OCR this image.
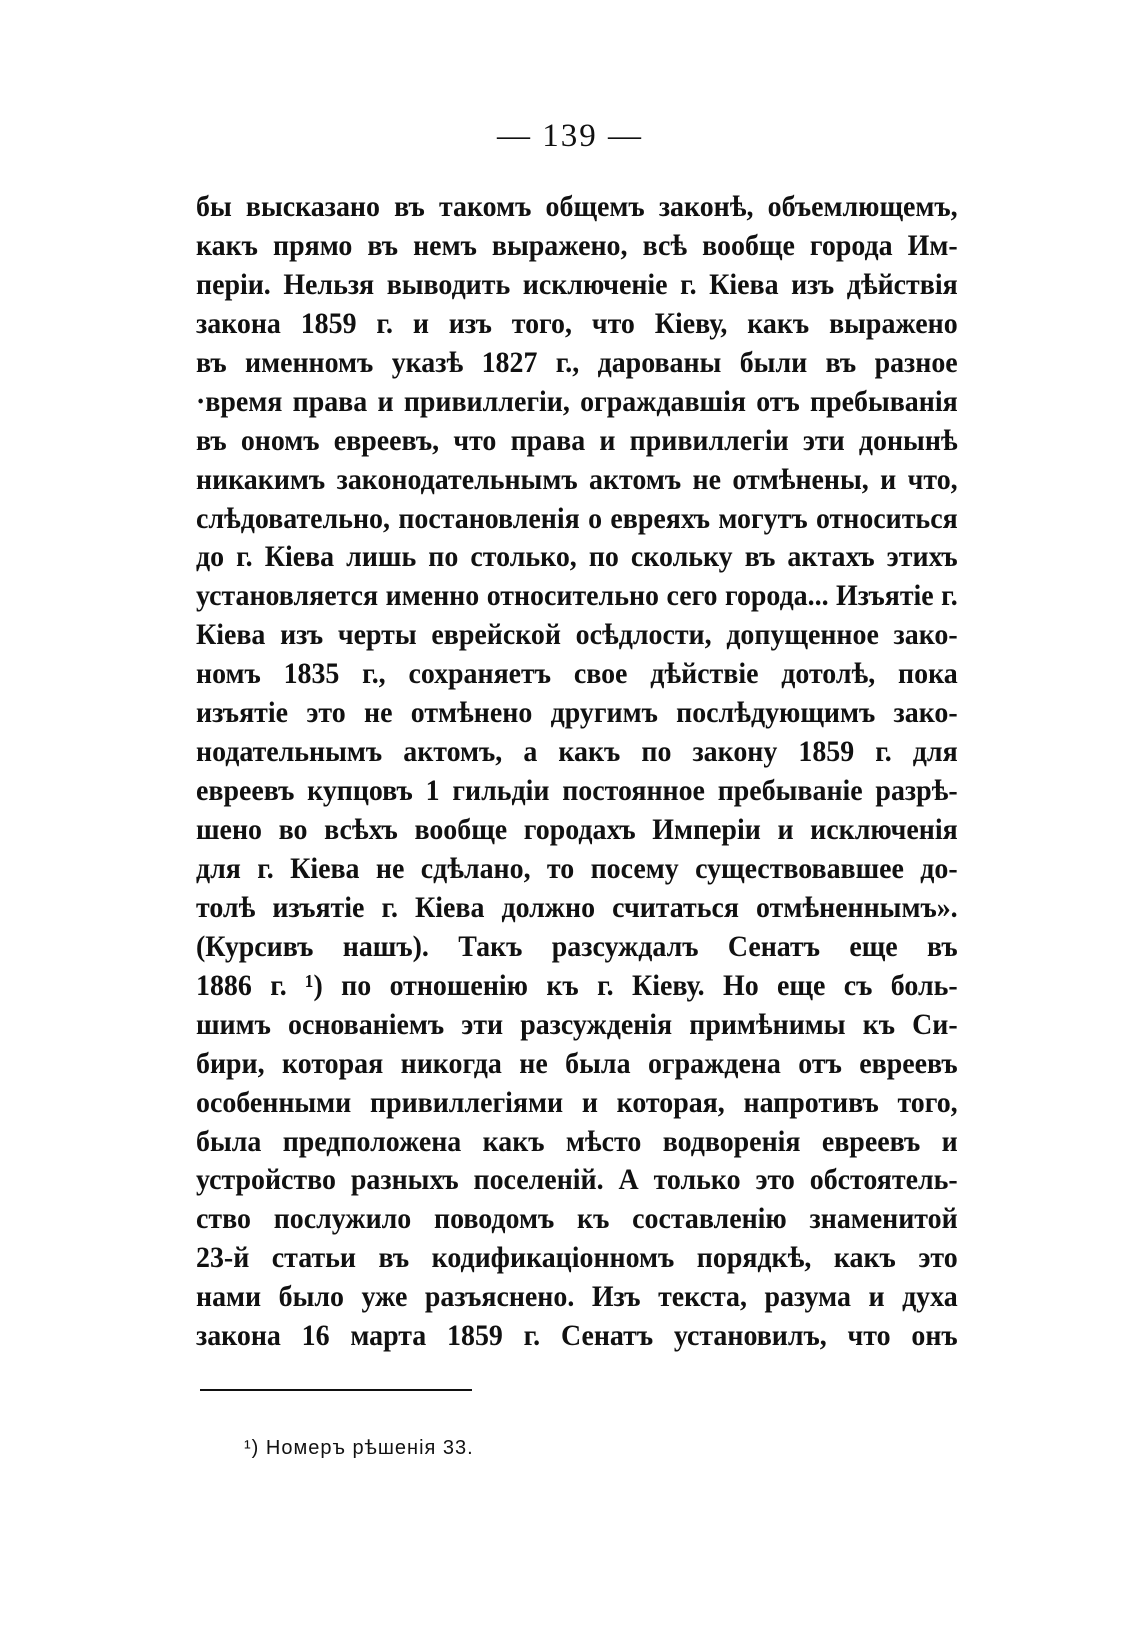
— 139 —
бы высказано въ такомъ общемъ законѣ, объемлющемъ,
какъ прямо въ немъ выражено, всѣ вообще города Им-
перiи. Нельзя выводить исключенiе г. Кiева изъ дѣйствiя
закона 1859 г. и изъ того, что Кiеву, какъ выражено
въ именномъ указѣ 1827 г., дарованы были въ разное
·время права и привиллегiи, ограждавшiя отъ пребыванiя
въ ономъ евреевъ, что права и привиллегiи эти донынѣ
никакимъ законодательнымъ актомъ не отмѣнены, и что,
слѣдовательно, постановленiя о евреяхъ могутъ относиться
до г. Кiева лишь по столько, по скольку въ актахъ этихъ
установляется именно относительно сего города... Изъятiе г.
Кiева изъ черты еврейской осѣдлости, допущенное зако-
номъ 1835 г., сохраняетъ свое дѣйствiе дотолѣ, пока
изъятiе это не отмѣнено другимъ послѣдующимъ зако-
нодательнымъ актомъ, а какъ по закону 1859 г. для
евреевъ купцовъ 1 гильдiи постоянное пребыванiе разрѣ-
шено во всѣхъ вообще городахъ Имперiи и исключенiя
для г. Кiева не сдѣлано, то посему существовавшее до-
толѣ изъятiе г. Кiева должно считаться отмѣненнымъ».
(Курсивъ нашъ). Такъ разсуждалъ Сенатъ еще въ
1886 г. ¹) по отношенiю къ г. Кiеву. Но еще съ боль-
шимъ основанiемъ эти разсужденiя примѣнимы къ Си-
бири, которая никогда не была ограждена отъ евреевъ
особенными привиллегiями и которая, напротивъ того,
была предположена какъ мѣсто водворенiя евреевъ и
устройство разныхъ поселенiй. А только это обстоятель-
ство послужило поводомъ къ составленiю знаменитой
23-й статьи въ кодификацiонномъ порядкѣ, какъ это
нами было уже разъяснено. Изъ текста, разума и духа
закона 16 марта 1859 г. Сенатъ установилъ, что онъ
¹) Номеръ рѣшенiя 33.
